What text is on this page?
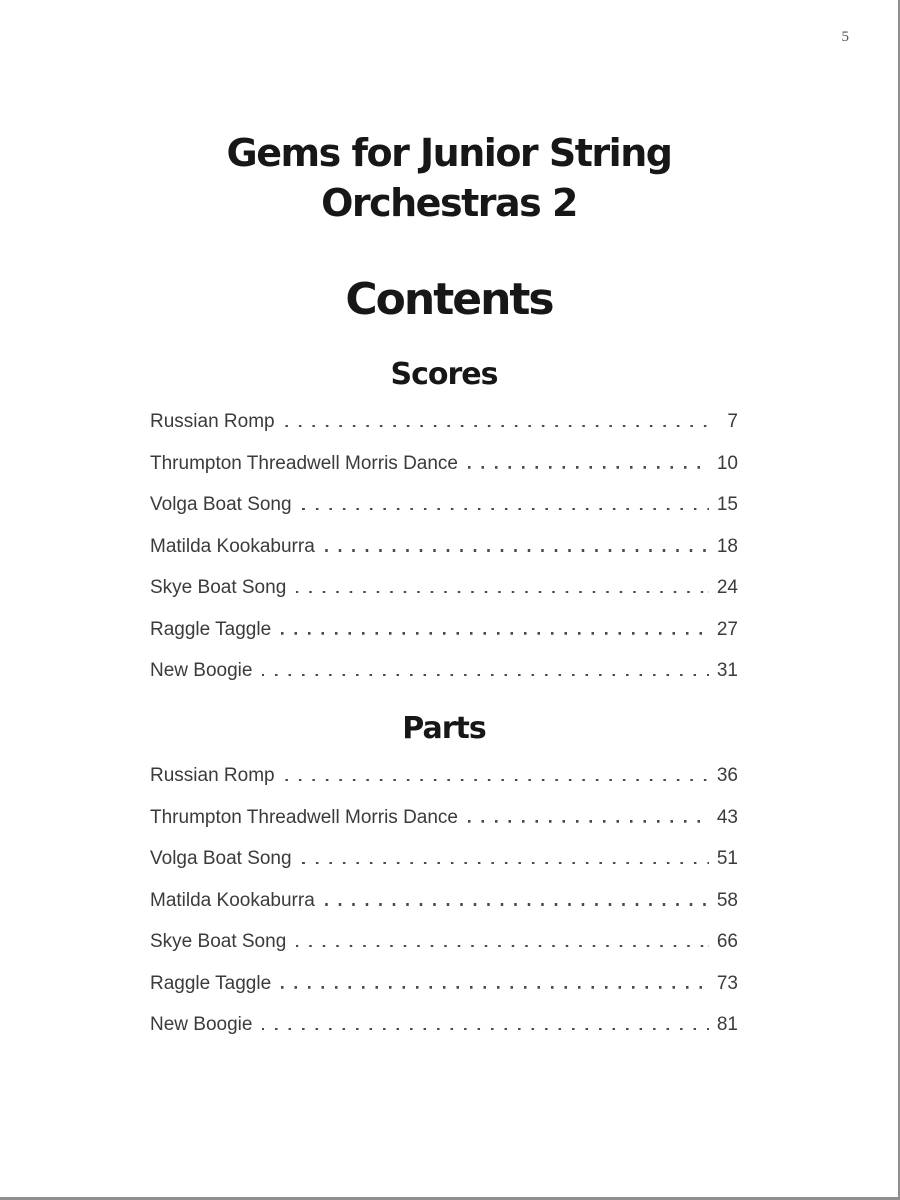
5
Gems for Junior String
Orchestras 2
Contents
Scores
Russian Romp	7
Thrumpton Threadwell Morris Dance	10
Volga Boat Song	15
Matilda Kookaburra	18
Skye Boat Song	24
Raggle Taggle	27
New Boogie	31
Parts
Russian Romp	36
Thrumpton Threadwell Morris Dance	43
Volga Boat Song	51
Matilda Kookaburra	58
Skye Boat Song	66
Raggle Taggle	73
New Boogie	81
